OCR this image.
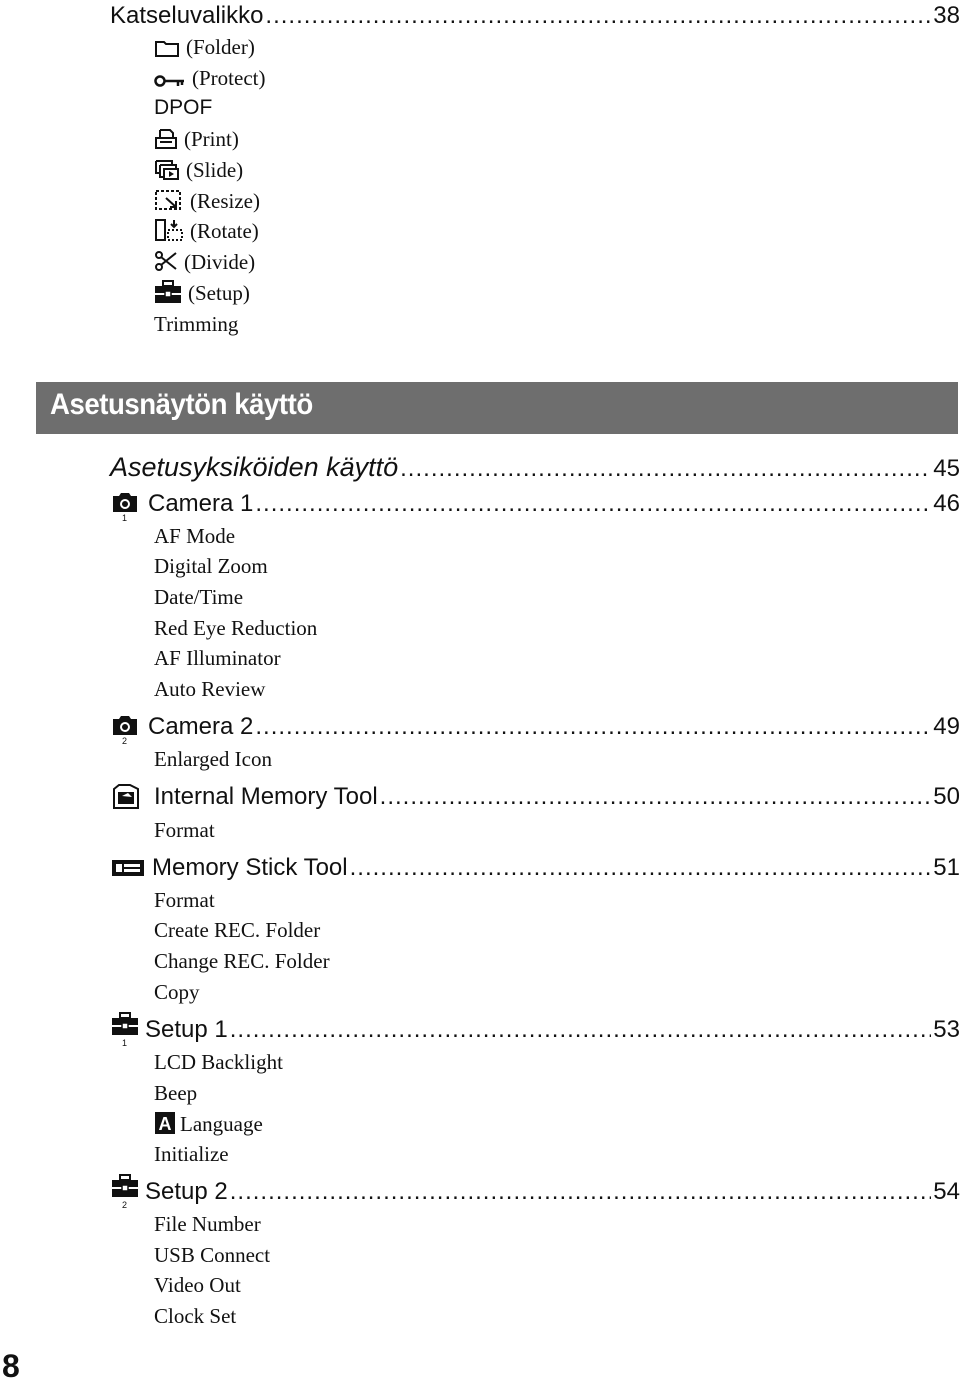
Katseluvalikko .....	38
(Folder)
(Protect)
DPOF
(Print)
(Slide)
(Resize)
(Rotate)
(Divide)
(Setup)
Trimming
Asetusnäytön käyttö
Asetusyksiköiden käyttö .....	45
1
Camera 1 .....	46
AF Mode
Digital Zoom
Date/Time
Red Eye Reduction
AF Illuminator
Auto Review
2
Camera 2 .....	49
Enlarged Icon
Internal Memory Tool .....	50
Format
Memory Stick Tool .....	51
Format
Create REC. Folder
Change REC. Folder
Copy
1 Setup 1 .....	53
LCD Backlight
Beep
A Language
Initialize
2 Setup 2 .....	54
File Number
USB Connect
Video Out
Clock Set
8
